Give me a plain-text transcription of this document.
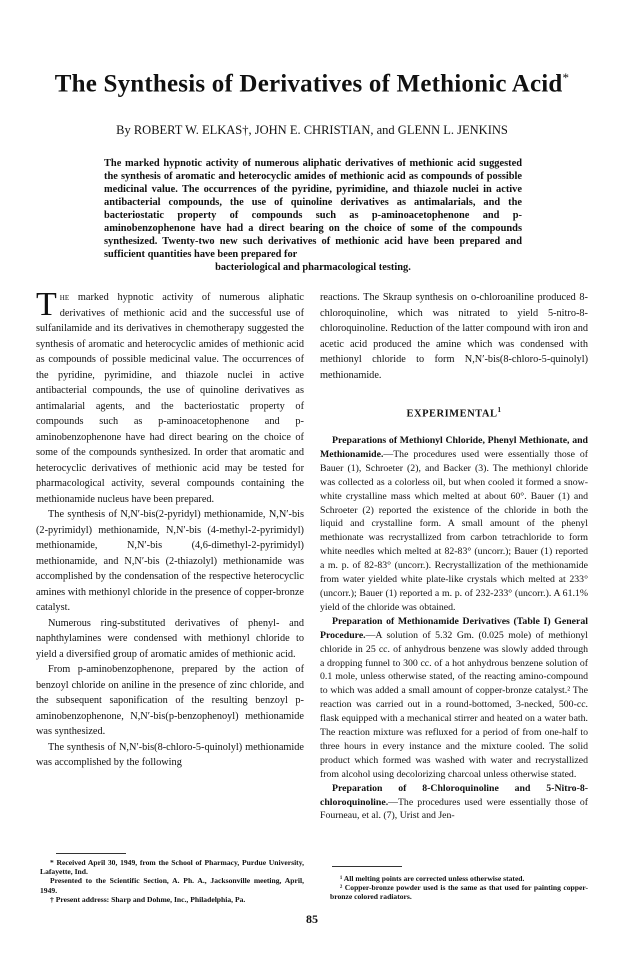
The Synthesis of Derivatives of Methionic Acid*
By ROBERT W. ELKAS†, JOHN E. CHRISTIAN, and GLENN L. JENKINS
The marked hypnotic activity of numerous aliphatic derivatives of methionic acid suggested the synthesis of aromatic and heterocyclic amides of methionic acid as compounds of possible medicinal value. The occurrences of the pyridine, pyrimidine, and thiazole nuclei in active antibacterial compounds, the use of quinoline derivatives as antimalarials, and the bacteriostatic property of compounds such as p-aminoacetophenone and p-aminobenzophenone have had a direct bearing on the choice of some of the compounds synthesized. Twenty-two new such derivatives of methionic acid have been prepared and sufficient quantities have been prepared for
bacteriological and pharmacological testing.

The marked hypnotic activity of numerous aliphatic derivatives of methionic acid and the successful use of sulfanilamide and its derivatives in chemotherapy suggested the synthesis of aromatic and heterocyclic amides of methionic acid as compounds of possible medicinal value. The occurrences of the pyridine, pyrimidine, and thiazole nuclei in active antibacterial compounds, the use of quinoline derivatives as antimalarial agents, and the bacteriostatic property of compounds such as p-aminoacetophenone and p-aminobenzophenone have had direct bearing on the choice of some of the compounds synthesized. In order that aromatic and heterocyclic derivatives of methionic acid may be tested for pharmacological activity, several compounds containing the methionamide nucleus have been prepared.

The synthesis of N,N′-bis(2-pyridyl) methionamide, N,N′-bis (2-pyrimidyl) methionamide, N,N′-bis (4-methyl-2-pyrimidyl) methionamide, N,N′-bis (4,6-dimethyl-2-pyrimidyl) methionamide, and N,N′-bis (2-thiazolyl) methionamide was accomplished by the condensation of the respective heterocyclic amines with methionyl chloride in the presence of copper-bronze catalyst.

Numerous ring-substituted derivatives of phenyl- and naphthylamines were condensed with methionyl chloride to yield a diversified group of aromatic amides of methionic acid.

From p-aminobenzophenone, prepared by the action of benzoyl chloride on aniline in the presence of zinc chloride, and the subsequent saponification of the resulting benzoyl p-aminobenzophenone, N,N′-bis(p-benzophenoyl) methionamide was synthesized.

The synthesis of N,N′-bis(8-chloro-5-quinolyl) methionamide was accomplished by the following

reactions. The Skraup synthesis on o-chloroaniline produced 8-chloroquinoline, which was nitrated to yield 5-nitro-8-chloroquinoline. Reduction of the latter compound with iron and acetic acid produced the amine which was condensed with methionyl chloride to form N,N′-bis(8-chloro-5-quinolyl) methionamide.

EXPERIMENTAL$^1$

Preparations of Methionyl Chloride, Phenyl Methionate, and Methionamide.—The procedures used were essentially those of Bauer (1), Schroeter (2), and Backer (3). The methionyl chloride was collected as a colorless oil, but when cooled it formed a snow-white crystalline mass which melted at about 60°. Bauer (1) and Schroeter (2) reported the existence of the chloride in both the liquid and crystalline form. A small amount of the phenyl methionate was recrystallized from carbon tetrachloride to form white needles which melted at 82-83° (uncorr.); Bauer (1) reported a m. p. of 82-83° (uncorr.). Recrystallization of the methionamide from water yielded white plate-like crystals which melted at 233° (uncorr.); Bauer (1) reported a m. p. of 232-233° (uncorr.). A 61.1% yield of the chloride was obtained.

Preparation of Methionamide Derivatives (Table I) General Procedure.—A solution of 5.32 Gm. (0.025 mole) of methionyl chloride in 25 cc. of anhydrous benzene was slowly added through a dropping funnel to 300 cc. of a hot anhydrous benzene solution of 0.1 mole, unless otherwise stated, of the reacting amino-compound to which was added a small amount of copper-bronze catalyst.² The reaction was carried out in a round-bottomed, 3-necked, 500-cc. flask equipped with a mechanical stirrer and heated on a water bath. The reaction mixture was refluxed for a period of from one-half to three hours in every instance and the mixture cooled. The solid product which formed was washed with water and recrystallized from alcohol using decolorizing charcoal unless otherwise stated.

Preparation of 8-Chloroquinoline and 5-Nitro-8-chloroquinoline.—The procedures used were essentially those of Fourneau, et al. (7), Urist and Jen-

* Received April 30, 1949, from the School of Pharmacy, Purdue University, Lafayette, Ind.

Presented to the Scientific Section, A. Ph. A., Jacksonville meeting, April, 1949.

† Present address: Sharp and Dohme, Inc., Philadelphia, Pa.

¹ All melting points are corrected unless otherwise stated.

² Copper-bronze powder used is the same as that used for painting copper-bronze colored radiators.

85
